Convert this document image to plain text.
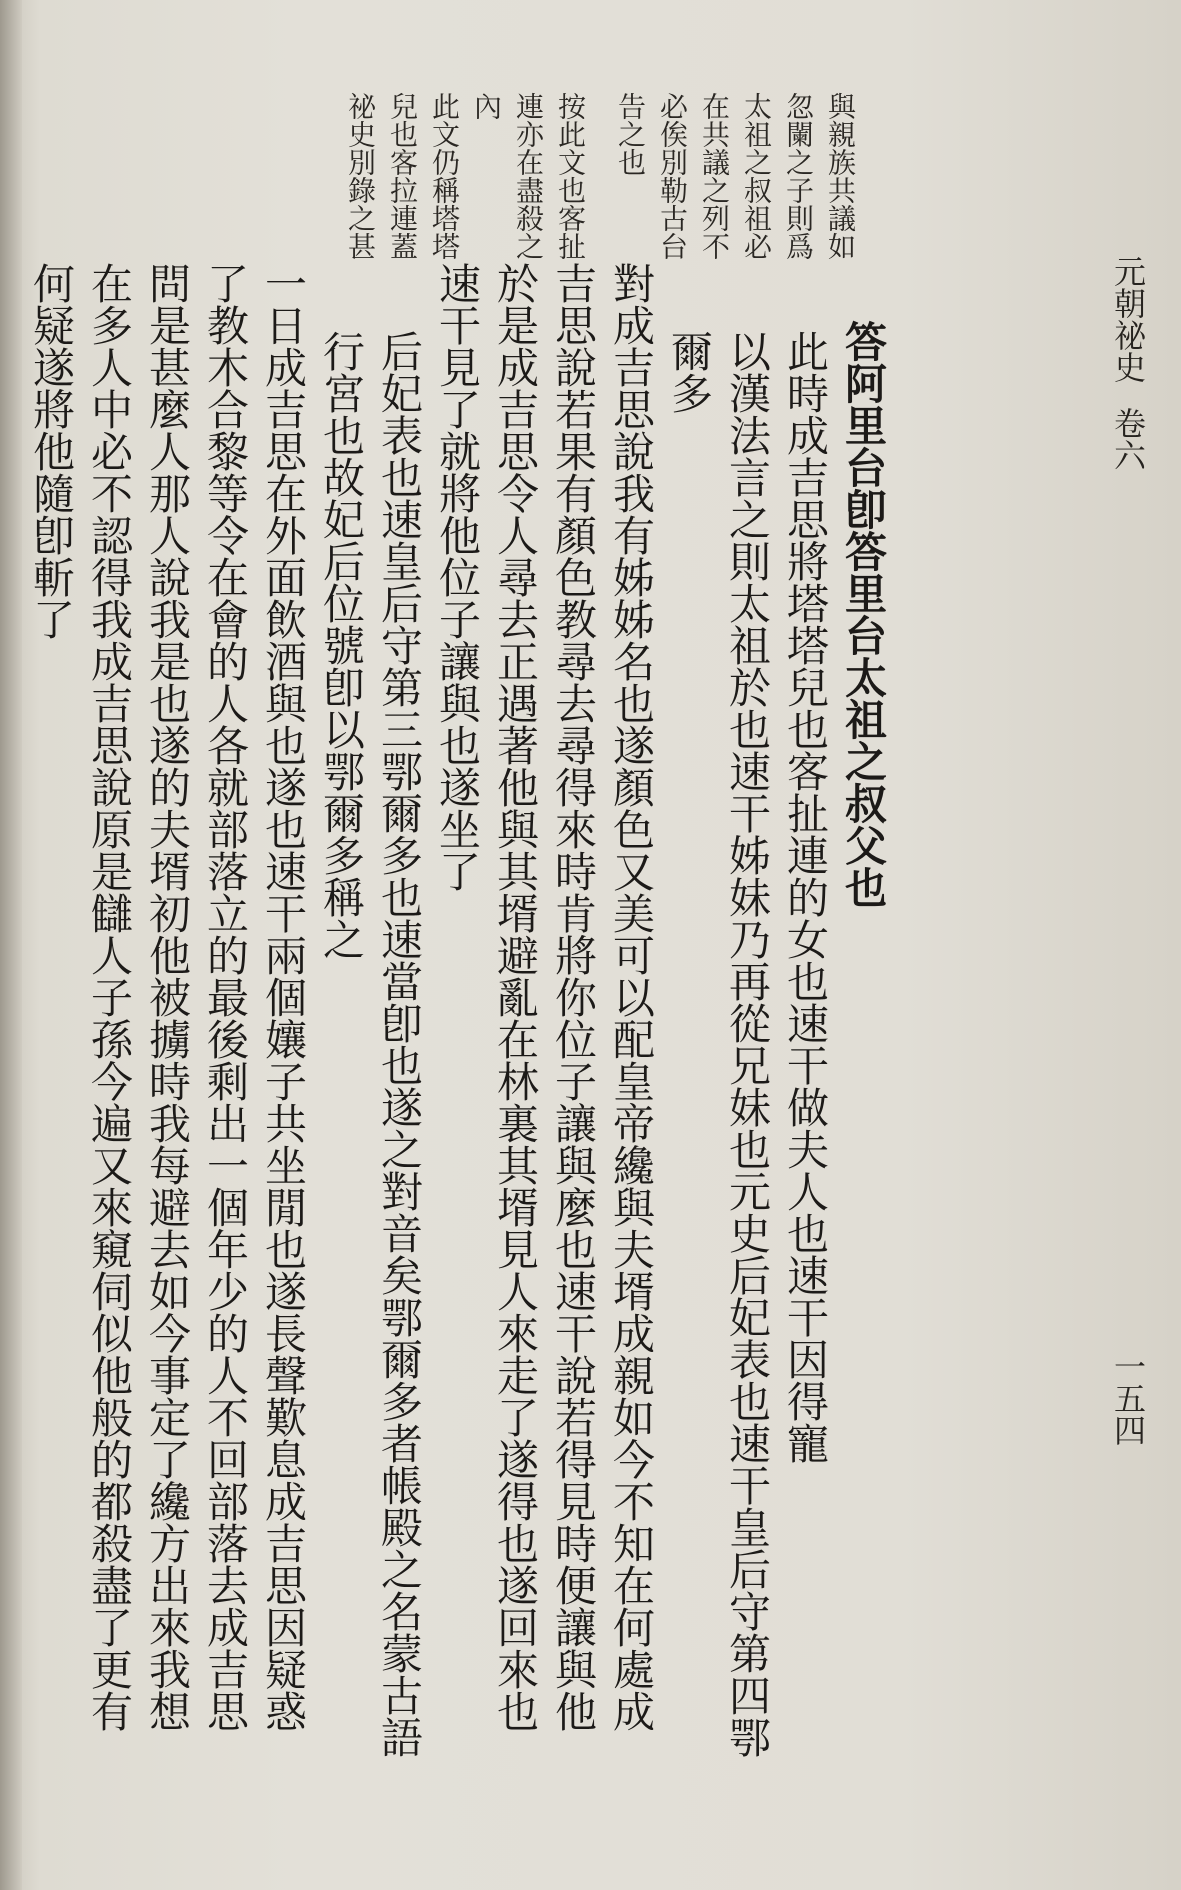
元朝祕史卷六
與親族共議如
忽闌之子則爲
太祖之叔祖必
在共議之列不
必俟別勒古台
告之也
按此文也客扯
連亦在盡殺之
內
此文仍稱塔塔
兒也客拉連蓋
祕史別錄之甚
答阿里台卽答里台太祖之叔父也
此時成吉思將塔塔兒也客扯連的女也速干做夫人也速干因得寵
以漢法言之則太祖於也速干姊妹乃再從兄妹也元史后妃表也速干皇后守第四鄂
爾多
對成吉思說我有姊姊名也遂顏色又美可以配皇帝纔與夫壻成親如今不知在何處成
吉思說若果有顏色教尋去尋得來時肯將你位子讓與麼也速干說若得見時便讓與他
於是成吉思令人尋去正遇著他與其壻避亂在林裏其壻見人來走了遂得也遂回來也
速干見了就將他位子讓與也遂坐了
后妃表也速皇后守第三鄂爾多也速當卽也遂之對音矣鄂爾多者帳殿之名蒙古語
行宮也故妃后位號卽以鄂爾多稱之
一日成吉思在外面飲酒與也遂也速干兩個孃子共坐閒也遂長聲歎息成吉思因疑惑
了教木合黎等令在會的人各就部落立的最後剩出一個年少的人不回部落去成吉思
問是甚麼人那人說我是也遂的夫壻初他被擄時我每避去如今事定了纔方出來我想
在多人中必不認得我成吉思說原是讎人子孫今遍又來窺伺似他般的都殺盡了更有
何疑遂將他隨卽斬了
一五四
